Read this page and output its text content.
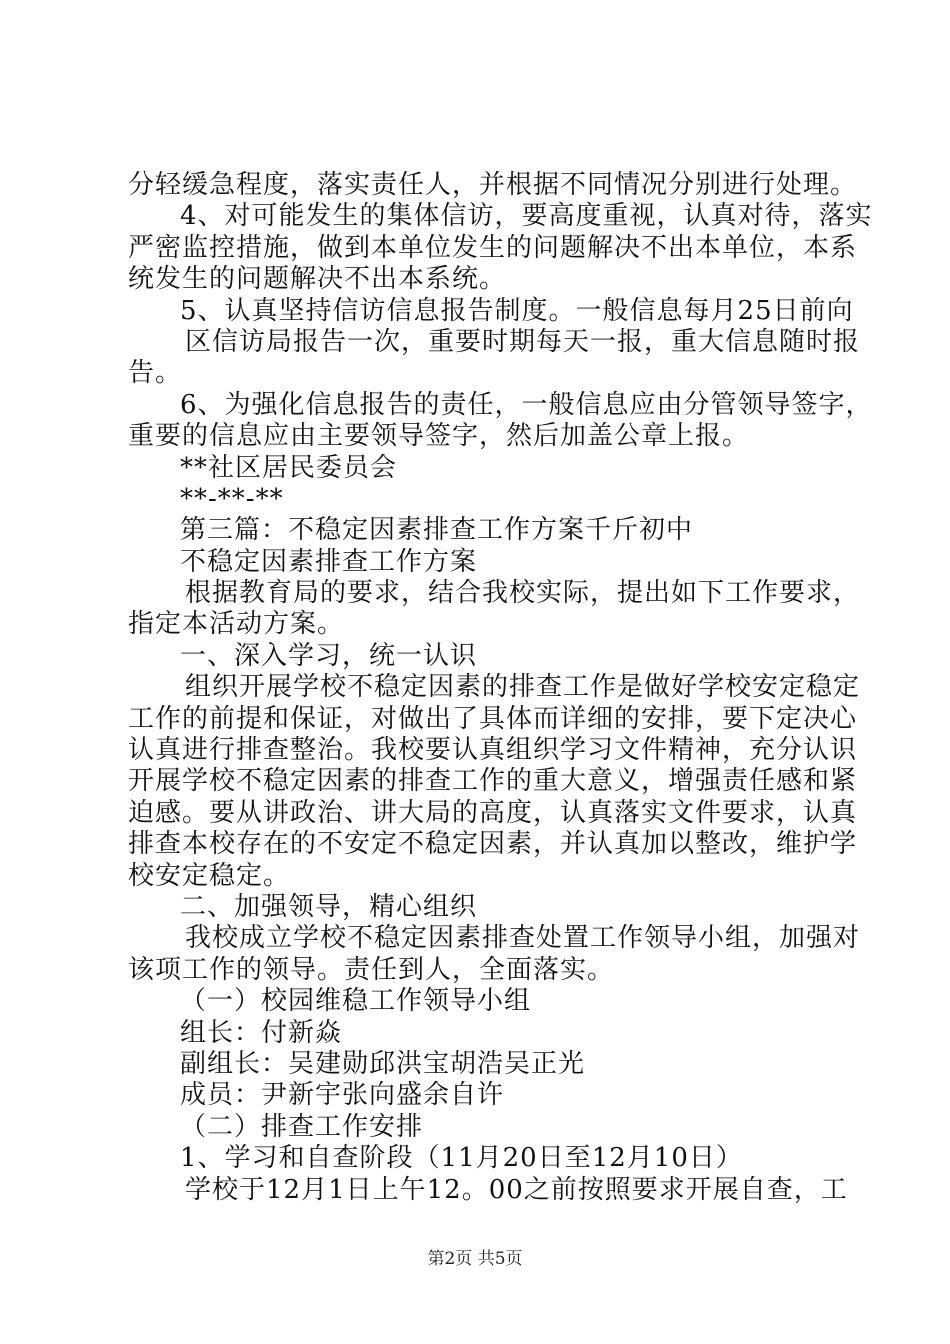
分轻缓急程度，落实责任人，并根据不同情况分别进行处理。
4、对可能发生的集体信访，要高度重视，认真对待，落实
严密监控措施，做到本单位发生的问题解决不出本单位，本系
统发生的问题解决不出本系统。
5、认真坚持信访信息报告制度。一般信息每月25日前向
区信访局报告一次，重要时期每天一报，重大信息随时报
告。
6、为强化信息报告的责任，一般信息应由分管领导签字，
重要的信息应由主要领导签字，然后加盖公章上报。
**社区居民委员会
**-**-**
第三篇：不稳定因素排查工作方案千斤初中
不稳定因素排查工作方案
根据教育局的要求，结合我校实际，提出如下工作要求，
指定本活动方案。
一、深入学习，统一认识
组织开展学校不稳定因素的排查工作是做好学校安定稳定
工作的前提和保证，对做出了具体而详细的安排，要下定决心
认真进行排查整治。我校要认真组织学习文件精神，充分认识
开展学校不稳定因素的排查工作的重大意义，增强责任感和紧
迫感。要从讲政治、讲大局的高度，认真落实文件要求，认真
排查本校存在的不安定不稳定因素，并认真加以整改，维护学
校安定稳定。
二、加强领导，精心组织
我校成立学校不稳定因素排查处置工作领导小组，加强对
该项工作的领导。责任到人，全面落实。
（一）校园维稳工作领导小组
组长：付新焱
副组长：吴建勋邱洪宝胡浩吴正光
成员：尹新宇张向盛余自许
（二）排查工作安排
1、学习和自查阶段（11月20日至12月10日）
学校于12月1日上午12。00之前按照要求开展自查，工
第2页 共5页
